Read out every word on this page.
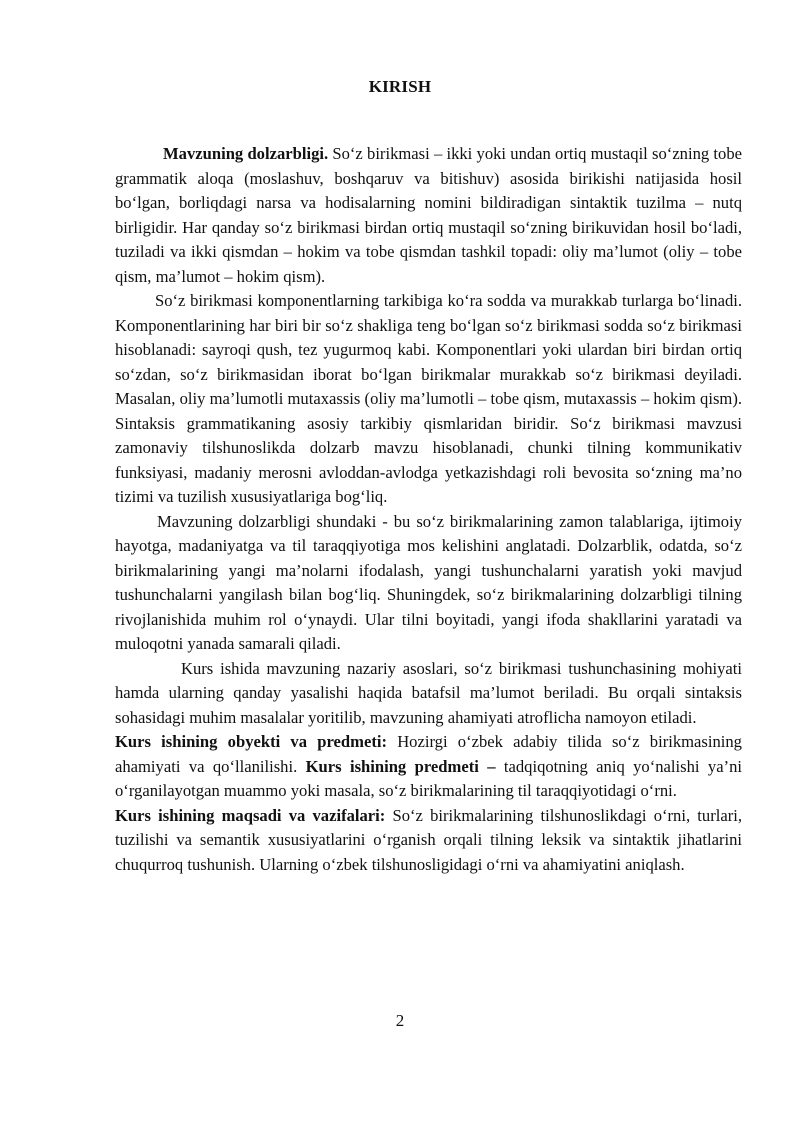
KIRISH

Mavzuning dolzarbligi. So‘z birikmasi – ikki yoki undan ortiq mustaqil so‘zning tobe grammatik aloqa (moslashuv, boshqaruv va bitishuv) asosida birikishi natijasida hosil bo‘lgan, borliqdagi narsa va hodisalarning nomini bildiradigan sintaktik tuzilma – nutq birligidir. Har qanday so‘z birikmasi birdan ortiq mustaqil so‘zning birikuvidan hosil bo‘ladi, tuziladi va ikki qismdan – hokim va tobe qismdan tashkil topadi: oliy ma’lumot (oliy – tobe qism, ma’lumot – hokim qism).

So‘z birikmasi komponentlarning tarkibiga ko‘ra sodda va murakkab turlarga bo‘linadi. Komponentlarining har biri bir so‘z shakliga teng bo‘lgan so‘z birikmasi sodda so‘z birikmasi hisoblanadi: sayroqi qush, tez yugurmoq kabi. Komponentlari yoki ulardan biri birdan ortiq so‘zdan, so‘z birikmasidan iborat bo‘lgan birikmalar murakkab so‘z birikmasi deyiladi. Masalan, oliy ma’lumotli mutaxassis (oliy ma’lumotli – tobe qism, mutaxassis – hokim qism). Sintaksis grammatikaning asosiy tarkibiy qismlaridan biridir. So‘z birikmasi mavzusi zamonaviy tilshunoslikda dolzarb mavzu hisoblanadi, chunki tilning kommunikativ funksiyasi, madaniy merosni avloddan-avlodga yetkazishdagi roli bevosita so‘zning ma’no tizimi va tuzilish xususiyatlariga bog‘liq.

Mavzuning dolzarbligi shundaki - bu so‘z birikmalarining zamon talablariga, ijtimoiy hayotga, madaniyatga va til taraqqiyotiga mos kelishini anglatadi. Dolzarblik, odatda, so‘z birikmalarining yangi ma’nolarni ifodalash, yangi tushunchalarni yaratish yoki mavjud tushunchalarni yangilash bilan bog‘liq. Shuningdek, so‘z birikmalarining dolzarbligi tilning rivojlanishida muhim rol o‘ynaydi. Ular tilni boyitadi, yangi ifoda shakllarini yaratadi va muloqotni yanada samarali qiladi.

Kurs ishida mavzuning nazariy asoslari, so‘z birikmasi tushunchasining mohiyati hamda ularning qanday yasalishi haqida batafsil ma’lumot beriladi. Bu orqali sintaksis sohasidagi muhim masalalar yoritilib, mavzuning ahamiyati atroflicha namoyon etiladi.

Kurs ishining obyekti va predmeti: Hozirgi o‘zbek adabiy tilida so‘z birikmasining ahamiyati va qo‘llanilishi. Kurs ishining predmeti – tadqiqotning aniq yo‘nalishi ya’ni o‘rganilayotgan muammo yoki masala, so‘z birikmalarining til taraqqiyotidagi o‘rni.

Kurs ishining maqsadi va vazifalari: So‘z birikmalarining tilshunoslikdagi o‘rni, turlari, tuzilishi va semantik xususiyatlarini o‘rganish orqali tilning leksik va sintaktik jihatlarini chuqurroq tushunish. Ularning o‘zbek tilshunosligidagi o‘rni va ahamiyatini aniqlash.

2
